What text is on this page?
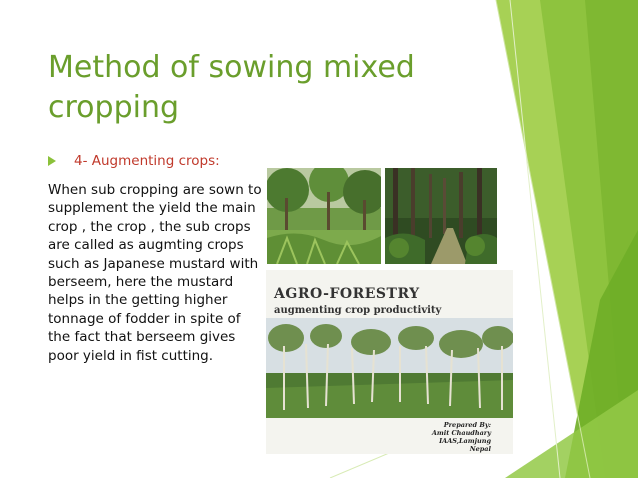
Method of sowing mixed cropping
4- Augmenting crops:

When sub cropping are sown to supplement the yield the main crop , the crop , the sub crops are called as augmting crops such as Japanese mustard with berseem, here the mustard helps in the getting higher tonnage of fodder in spite of the fact that berseem gives poor yield in fist cutting.

AGRO-FORESTRY
augmenting crop productivity
Prepared By:
Amit Chaudhary
IAAS,Lamjung
Nepal
